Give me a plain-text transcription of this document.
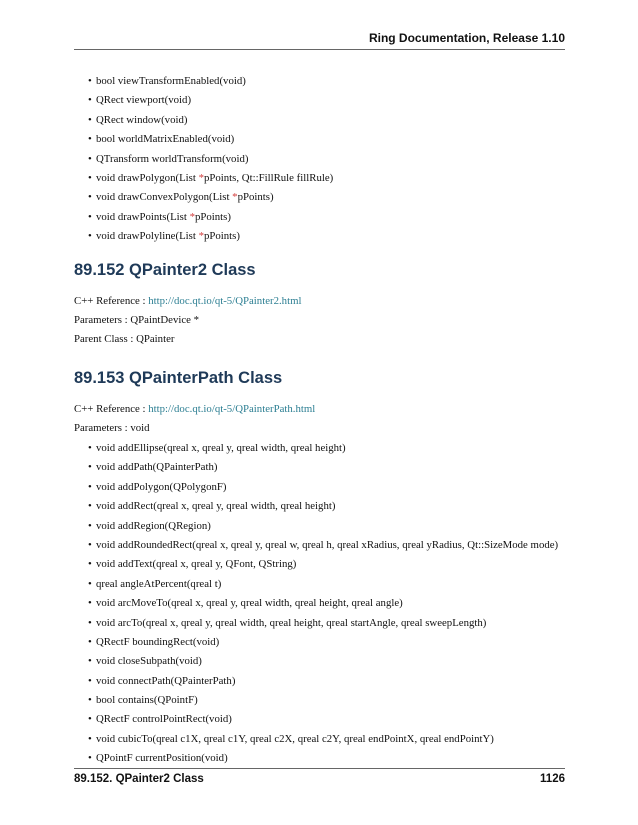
Ring Documentation, Release 1.10
• bool viewTransformEnabled(void)
• QRect viewport(void)
• QRect window(void)
• bool worldMatrixEnabled(void)
• QTransform worldTransform(void)
• void drawPolygon(List *pPoints, Qt::FillRule fillRule)
• void drawConvexPolygon(List *pPoints)
• void drawPoints(List *pPoints)
• void drawPolyline(List *pPoints)
89.152 QPainter2 Class
C++ Reference : http://doc.qt.io/qt-5/QPainter2.html
Parameters : QPaintDevice *
Parent Class : QPainter
89.153 QPainterPath Class
C++ Reference : http://doc.qt.io/qt-5/QPainterPath.html
Parameters : void
• void addEllipse(qreal x, qreal y, qreal width, qreal height)
• void addPath(QPainterPath)
• void addPolygon(QPolygonF)
• void addRect(qreal x, qreal y, qreal width, qreal height)
• void addRegion(QRegion)
• void addRoundedRect(qreal x, qreal y, qreal w, qreal h, qreal xRadius, qreal yRadius, Qt::SizeMode mode)
• void addText(qreal x, qreal y, QFont, QString)
• qreal angleAtPercent(qreal t)
• void arcMoveTo(qreal x, qreal y, qreal width, qreal height, qreal angle)
• void arcTo(qreal x, qreal y, qreal width, qreal height, qreal startAngle, qreal sweepLength)
• QRectF boundingRect(void)
• void closeSubpath(void)
• void connectPath(QPainterPath)
• bool contains(QPointF)
• QRectF controlPointRect(void)
• void cubicTo(qreal c1X, qreal c1Y, qreal c2X, qreal c2Y, qreal endPointX, qreal endPointY)
• QPointF currentPosition(void)
89.152. QPainter2 Class	1126
